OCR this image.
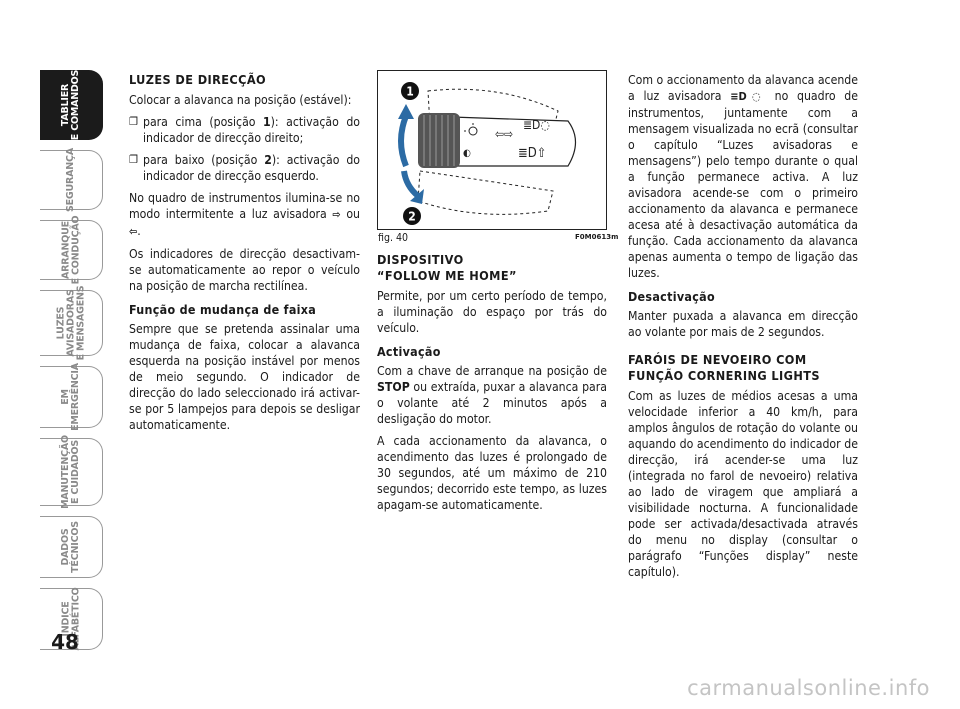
TABLIER
E COMANDOS
SEGURANÇA
ARRANQUE
E CONDUÇÃO
LUZES
AVISADORAS
E MENSAGENS
EM
EMERGÊNCIA
MANUTENÇÃO
E CUIDADOS
DADOS
TÉCNICOS
ÍNDICE
ALFABÉTICO
48
LUZES DE DIRECÇÃO

Colocar a alavanca na posição (estável):

❐ para cima (posição 1): activação do indicador de direcção direito;
❐ para baixo (posição 2): activação do indicador de direcção esquerdo.

No quadro de instrumentos ilumina-se no modo intermitente a luz avisadora ⇨ ou ⇦.

Os indicadores de direcção desactivam-se automaticamente ao repor o veículo na posição de marcha rectilínea.

Função de mudança de faixa

Sempre que se pretenda assinalar uma mudança de faixa, colocar a alavanca esquerda na posição instável por menos de meio segundo. O indicador de direcção do lado seleccionado irá activar-se por 5 lampejos para depois se desligar automaticamente.

⇦⇨
≣D◌
≣D⇧
◐
1
2
fig. 40	F0M0613m
DISPOSITIVO
“FOLLOW ME HOME”

Permite, por um certo período de tempo, a iluminação do espaço por trás do veículo.

Activação

Com a chave de arranque na posição de STOP ou extraída, puxar a alavanca para o volante até 2 minutos após a desligação do motor.

A cada accionamento da alavanca, o acendimento das luzes é prolongado de 30 segundos, até um máximo de 210 segundos; decorrido este tempo, as luzes apagam-se automaticamente.

Com o accionamento da alavanca acende a luz avisadora ≡D◌ no quadro de instrumentos, juntamente com a mensagem visualizada no ecrã (consultar o capítulo “Luzes avisadoras e mensagens”) pelo tempo durante o qual a função permanece activa. A luz avisadora acende-se com o primeiro accionamento da alavanca e permanece acesa até à desactivação automática da função. Cada accionamento da alavanca apenas aumenta o tempo de ligação das luzes.

Desactivação

Manter puxada a alavanca em direcção ao volante por mais de 2 segundos.

FARÓIS DE NEVOEIRO COM
FUNÇÃO CORNERING LIGHTS

Com as luzes de médios acesas a uma velocidade inferior a 40 km/h, para amplos ângulos de rotação do volante ou aquando do acendimento do indicador de direcção, irá acender-se uma luz (integrada no farol de nevoeiro) relativa ao lado de viragem que ampliará a visibilidade nocturna. A funcionalidade pode ser activada/desactivada através do menu no display (consultar o parágrafo “Funções display” neste capítulo).

carmanualsonline.info
